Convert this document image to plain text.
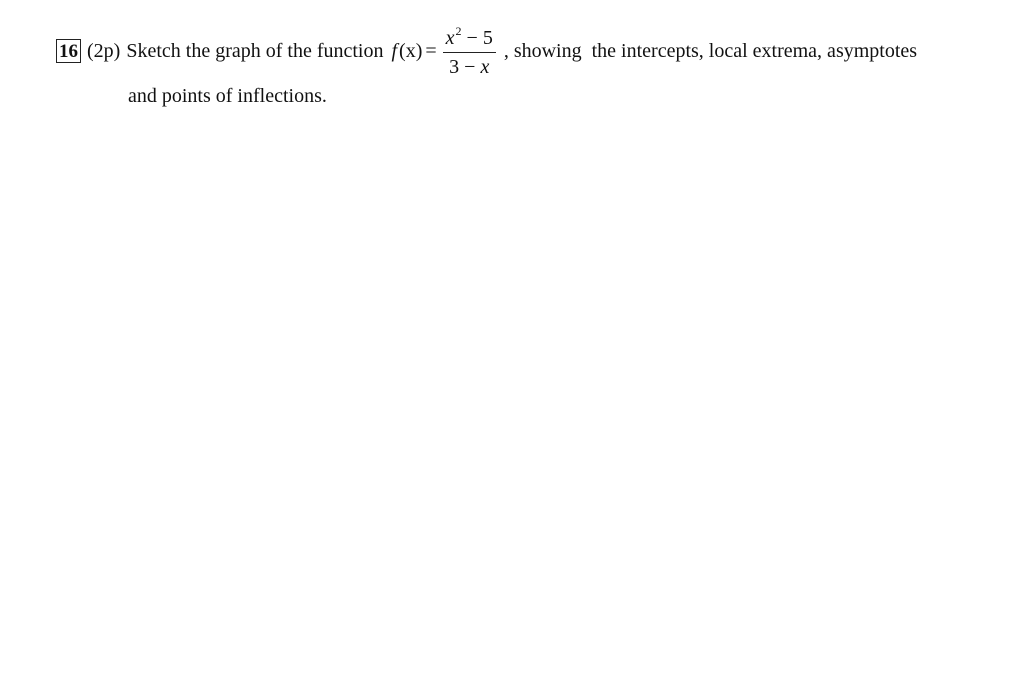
16 (2p) Sketch the graph of the function f $(x) = \frac{x^2 - 5}{3 - x}$ , showing  the intercepts, local extrema, asymptotes
and points of inflections.
